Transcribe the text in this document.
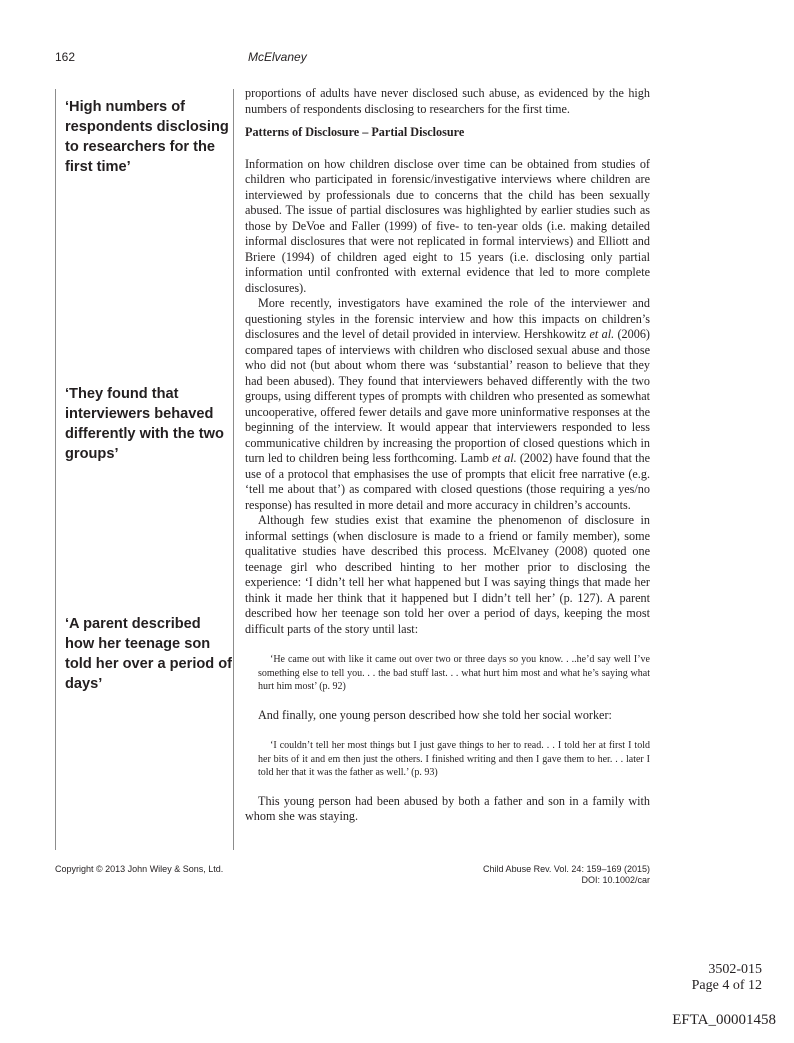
162	McElvaney
‘High numbers of respondents disclosing to researchers for the first time’
‘They found that interviewers behaved differently with the two groups’
‘A parent described how her teenage son told her over a period of days’

proportions of adults have never disclosed such abuse, as evidenced by the high numbers of respondents disclosing to researchers for the first time.

Patterns of Disclosure – Partial Disclosure

Information on how children disclose over time can be obtained from studies of children who participated in forensic/investigative interviews where children are interviewed by professionals due to concerns that the child has been sexually abused. The issue of partial disclosures was highlighted by earlier studies such as those by DeVoe and Faller (1999) of five- to ten-year olds (i.e. making detailed informal disclosures that were not replicated in formal interviews) and Elliott and Briere (1994) of children aged eight to 15 years (i.e. disclosing only partial information until confronted with external evidence that led to more complete disclosures).

More recently, investigators have examined the role of the interviewer and questioning styles in the forensic interview and how this impacts on children’s disclosures and the level of detail provided in interview. Hershkowitz et al. (2006) compared tapes of interviews with children who disclosed sexual abuse and those who did not (but about whom there was ‘substantial’ reason to believe that they had been abused). They found that interviewers behaved differently with the two groups, using different types of prompts with children who presented as somewhat uncooperative, offered fewer details and gave more uninformative responses at the beginning of the interview. It would appear that interviewers responded to less communicative children by increasing the proportion of closed questions which in turn led to children being less forthcoming. Lamb et al. (2002) have found that the use of a protocol that emphasises the use of prompts that elicit free narrative (e.g. ‘tell me about that’) as compared with closed questions (those requiring a yes/no response) has resulted in more detail and more accuracy in children’s accounts.

Although few studies exist that examine the phenomenon of disclosure in informal settings (when disclosure is made to a friend or family member), some qualitative studies have described this process. McElvaney (2008) quoted one teenage girl who described hinting to her mother prior to disclosing the experience: ‘I didn’t tell her what happened but I was saying things that made her think it made her think that it happened but I didn’t tell her’ (p. 127). A parent described how her teenage son told her over a period of days, keeping the most difficult parts of the story until last:

‘He came out with like it came out over two or three days so you know. . ..he’d say well I’ve something else to tell you. . . the bad stuff last. . . what hurt him most and what he’s saying what hurt him most’ (p. 92)

And finally, one young person described how she told her social worker:

‘I couldn’t tell her most things but I just gave things to her to read. . . I told her at first I told her bits of it and em then just the others. I finished writing and then I gave them to her. . . later I told her that it was the father as well.’ (p. 93)

This young person had been abused by both a father and son in a family with whom she was staying.

Copyright © 2013 John Wiley & Sons, Ltd.	Child Abuse Rev. Vol. 24: 159–169 (2015)
DOI: 10.1002/car
3502-015
Page 4 of 12
EFTA_00001458
